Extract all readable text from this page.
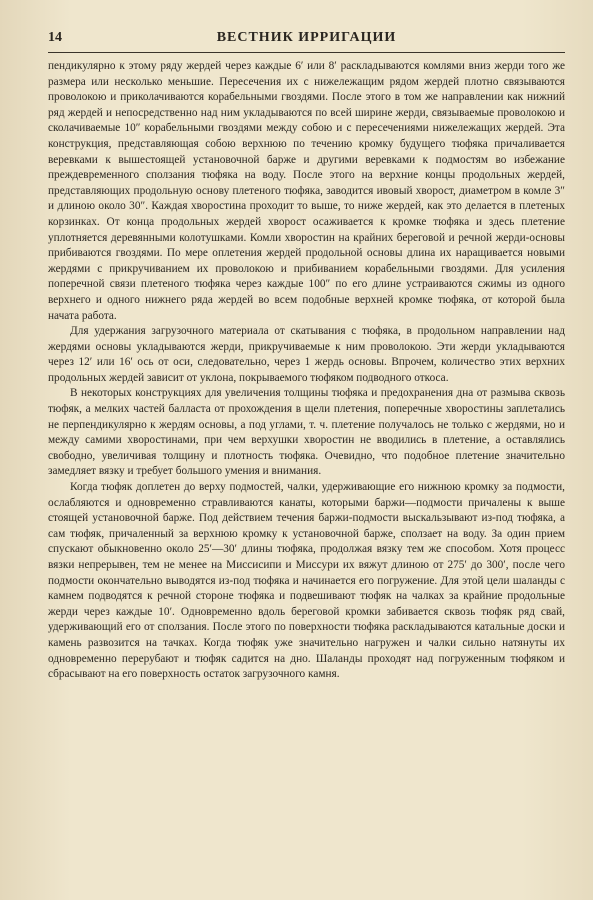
14	ВЕСТНИК ИРРИГАЦИИ

пендикулярно к этому ряду жердей через каждые 6′ или 8′ раскладываются комлями вниз жерди того же размера или несколько меньшие. Пересечения их с нижележащим рядом жердей плотно связываются проволокою и приколачиваются корабельными гвоздями. После этого в том же направлении как нижний ряд жердей и непосредственно над ним укладываются по всей ширине жерди, связываемые проволокою и сколачиваемые 10″ корабельными гвоздями между собою и с пересечениями нижележащих жердей. Эта конструкция, представляющая собою верхнюю по течению кромку будущего тюфяка причаливается веревками к вышестоящей установочной барже и другими веревками к подмостям во избежание преждевременного сползания тюфяка на воду. После этого на верхние концы продольных жердей, представляющих продольную основу плетеного тюфяка, заводится ивовый хворост, диаметром в комле 3″ и длиною около 30″. Каждая хворостина проходит то выше, то ниже жердей, как это делается в плетеных корзинках. От конца продольных жердей хворост осаживается к кромке тюфяка и здесь плетение уплотняется деревянными колотушками. Комли хворостин на крайних береговой и речной жерди-основы прибиваются гвоздями. По мере оплетения жердей продольной основы длина их наращивается новыми жердями с прикручиванием их проволокою и прибиванием корабельными гвоздями. Для усиления поперечной связи плетеного тюфяка через каждые 100″ по его длине устраиваются сжимы из одного верхнего и одного нижнего ряда жердей во всем подобные верхней кромке тюфяка, от которой была начата работа.

Для удержания загрузочного материала от скатывания с тюфяка, в продольном направлении над жердями основы укладываются жерди, прикручиваемые к ним проволокою. Эти жерди укладываются через 12′ или 16′ ось от оси, следовательно, через 1 жердь основы. Впрочем, количество этих верхних продольных жердей зависит от уклона, покрываемого тюфяком подводного откоса.

В некоторых конструкциях для увеличения толщины тюфяка и предохранения дна от размыва сквозь тюфяк, а мелких частей балласта от прохождения в щели плетения, поперечные хворостины заплетались не перпендикулярно к жердям основы, а под углами, т. ч. плетение получалось не только с жердями, но и между самими хворостинами, при чем верхушки хворостин не вводились в плетение, а оставлялись свободно, увеличивая толщину и плотность тюфяка. Очевидно, что подобное плетение значительно замедляет вязку и требует большого умения и внимания.

Когда тюфяк доплетен до верху подмостей, чалки, удерживающие его нижнюю кромку за подмости, ослабляются и одновременно стравливаются канаты, которыми баржи—подмости причалены к выше стоящей установочной барже. Под действием течения баржи-подмости выскальзывают из-под тюфяка, а сам тюфяк, причаленный за верхнюю кромку к установочной барже, сползает на воду. За один прием спускают обыкновенно около 25′—30′ длины тюфяка, продолжая вязку тем же способом. Хотя процесс вязки непрерывен, тем не менее на Миссисипи и Миссури их вяжут длиною от 275′ до 300′, после чего подмости окончательно выводятся из-под тюфяка и начинается его погружение. Для этой цели шаланды с камнем подводятся к речной стороне тюфяка и подвешивают тюфяк на чалках за крайние продольные жерди через каждые 10′. Одновременно вдоль береговой кромки забивается сквозь тюфяк ряд свай, удерживающий его от сползания. После этого по поверхности тюфяка раскладываются катальные доски и камень развозится на тачках. Когда тюфяк уже значительно нагружен и чалки сильно натянуты их одновременно перерубают и тюфяк садится на дно. Шаланды проходят над погруженным тюфяком и сбрасывают на его поверхность остаток загрузочного камня.
